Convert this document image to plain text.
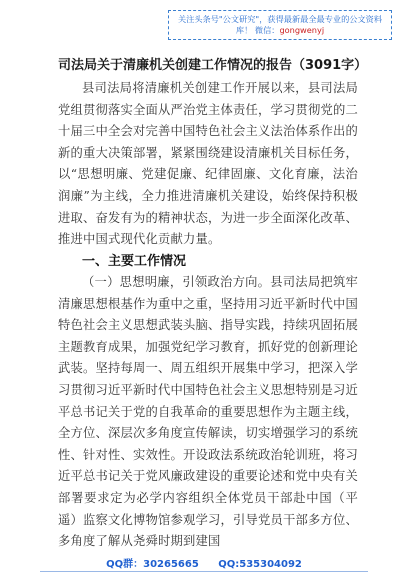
关注头条号"公文研究"，获得最新最全最专业的公文资料库！ 微信：gongwenyj
司法局关于清廉机关创建工作情况的报告（3091字）
县司法局将清廉机关创建工作开展以来，县司法局党组贯彻落实全面从严治党主体责任，学习贯彻党的二十届三中全会对完善中国特色社会主义法治体系作出的新的重大决策部署，紧紧围绕建设清廉机关目标任务，以“思想明廉、党建促廉、纪律固廉、文化育廉，法治润廉”为主线，全力推进清廉机关建设，始终保持积极进取、奋发有为的精神状态，为进一步全面深化改革、推进中国式现代化贡献力量。
一、主要工作情况
（一）思想明廉，引领政治方向。县司法局把筑牢清廉思想根基作为重中之重，坚持用习近平新时代中国特色社会主义思想武装头脑、指导实践，持续巩固拓展主题教育成果，加强党纪学习教育，抓好党的创新理论武装。坚持每周一、周五组织开展集中学习，把深入学习贯彻习近平新时代中国特色社会主义思想特别是习近平总书记关于党的自我革命的重要思想作为主题主线，全方位、深层次多角度宣传解读，切实增强学习的系统性、针对性、实效性。开设政法系统政治轮训班，将习近平总书记关于党风廉政建设的重要论述和党中央有关部署要求定为必学内容组织全体党员干部赴中国（平遥）监察文化博物馆参观学习，引导党员干部多方位、多角度了解从尧舜时期到建国
QQ群：30265665 QQ:535304092
